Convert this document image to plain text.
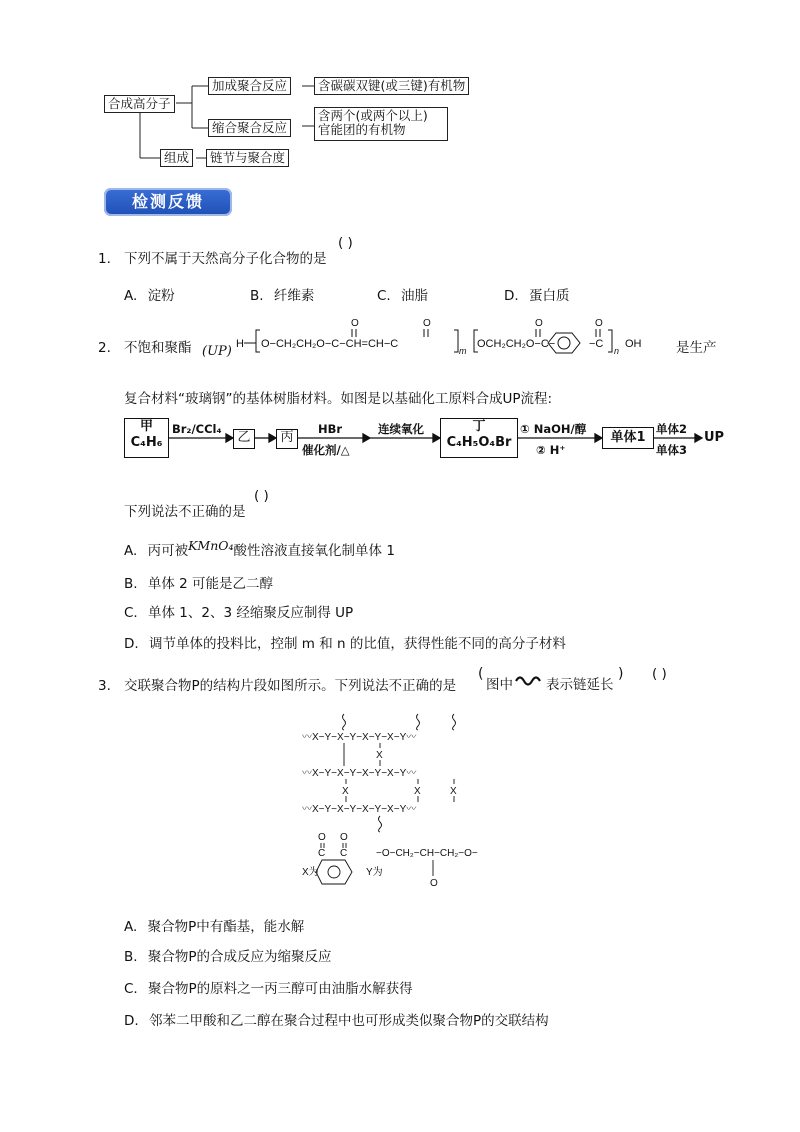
合成高分子
加成聚合反应	含碳碳双键(或三键)有机物
缩合聚合反应
含两个(或两个以上)
官能团的有机物
组成	链节与聚合度
检测反馈
1. 下列不属于天然高分子化合物的是
( )
A. 淀粉	B. 纤维素	C. 油脂	D. 蛋白质
2. 不饱和聚酯 (UP) H O−CH₂CH₂O−C−CH=CH−C
m
OCH₂CH₂O−C−	−C
n
OH
O	O	O	O
是生产
复合材料“玻璃钢”的基体树脂材料。如图是以基础化工原料合成UP流程:
甲
C₄H₆
Br₂/CCl₄
乙	丙
HBr
催化剂/△
连续氧化	丁
C₄H₅O₄Br
① NaOH/醇
② H⁺
单体1
单体2
单体3
UP
下列说法不正确的是
( )
A. 丙可被KMnO₄酸性溶液直接氧化制单体 1
B. 单体 2 可能是乙二醇
C. 单体 1、2、3 经缩聚反应制得 UP
D. 调节单体的投料比，控制 m 和 n 的比值，获得性能不同的高分子材料
3. 交联聚合物P的结构片段如图所示。下列说法不正确的是
(
图中 表示链延长
) ( )
〰X−Y−X−Y−X−Y−X−Y〰
〰X−Y−X−Y−X−Y−X−Y〰
〰X−Y−X−Y−X−Y−X−Y〰
X
X	X	X
X为	Y为
O O
C C	−O−CH₂−CH−CH₂−O−
O
A. 聚合物P中有酯基，能水解
B. 聚合物P的合成反应为缩聚反应
C. 聚合物P的原料之一丙三醇可由油脂水解获得
D. 邻苯二甲酸和乙二醇在聚合过程中也可形成类似聚合物P的交联结构
